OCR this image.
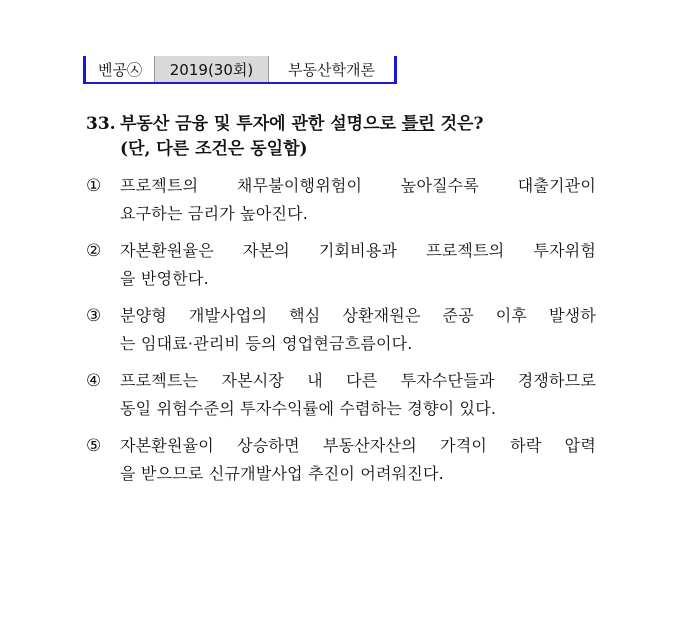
벤공㉦	2019(30회)	부동산학개론
33. 부동산 금융 및 투자에 관한 설명으로 틀린 것은?
(단, 다른 조건은 동일함)
①	프로젝트의 채무불이행위험이 높아질수록 대출기관이
요구하는 금리가 높아진다.
②	자본환원율은 자본의 기회비용과 프로젝트의 투자위험
을 반영한다.
③	분양형 개발사업의 핵심 상환재원은 준공 이후 발생하
는 임대료·관리비 등의 영업현금흐름이다.
④	프로젝트는 자본시장 내 다른 투자수단들과 경쟁하므로
동일 위험수준의 투자수익률에 수렴하는 경향이 있다.
⑤	자본환원율이 상승하면 부동산자산의 가격이 하락 압력
을 받으므로 신규개발사업 추진이 어려워진다.
